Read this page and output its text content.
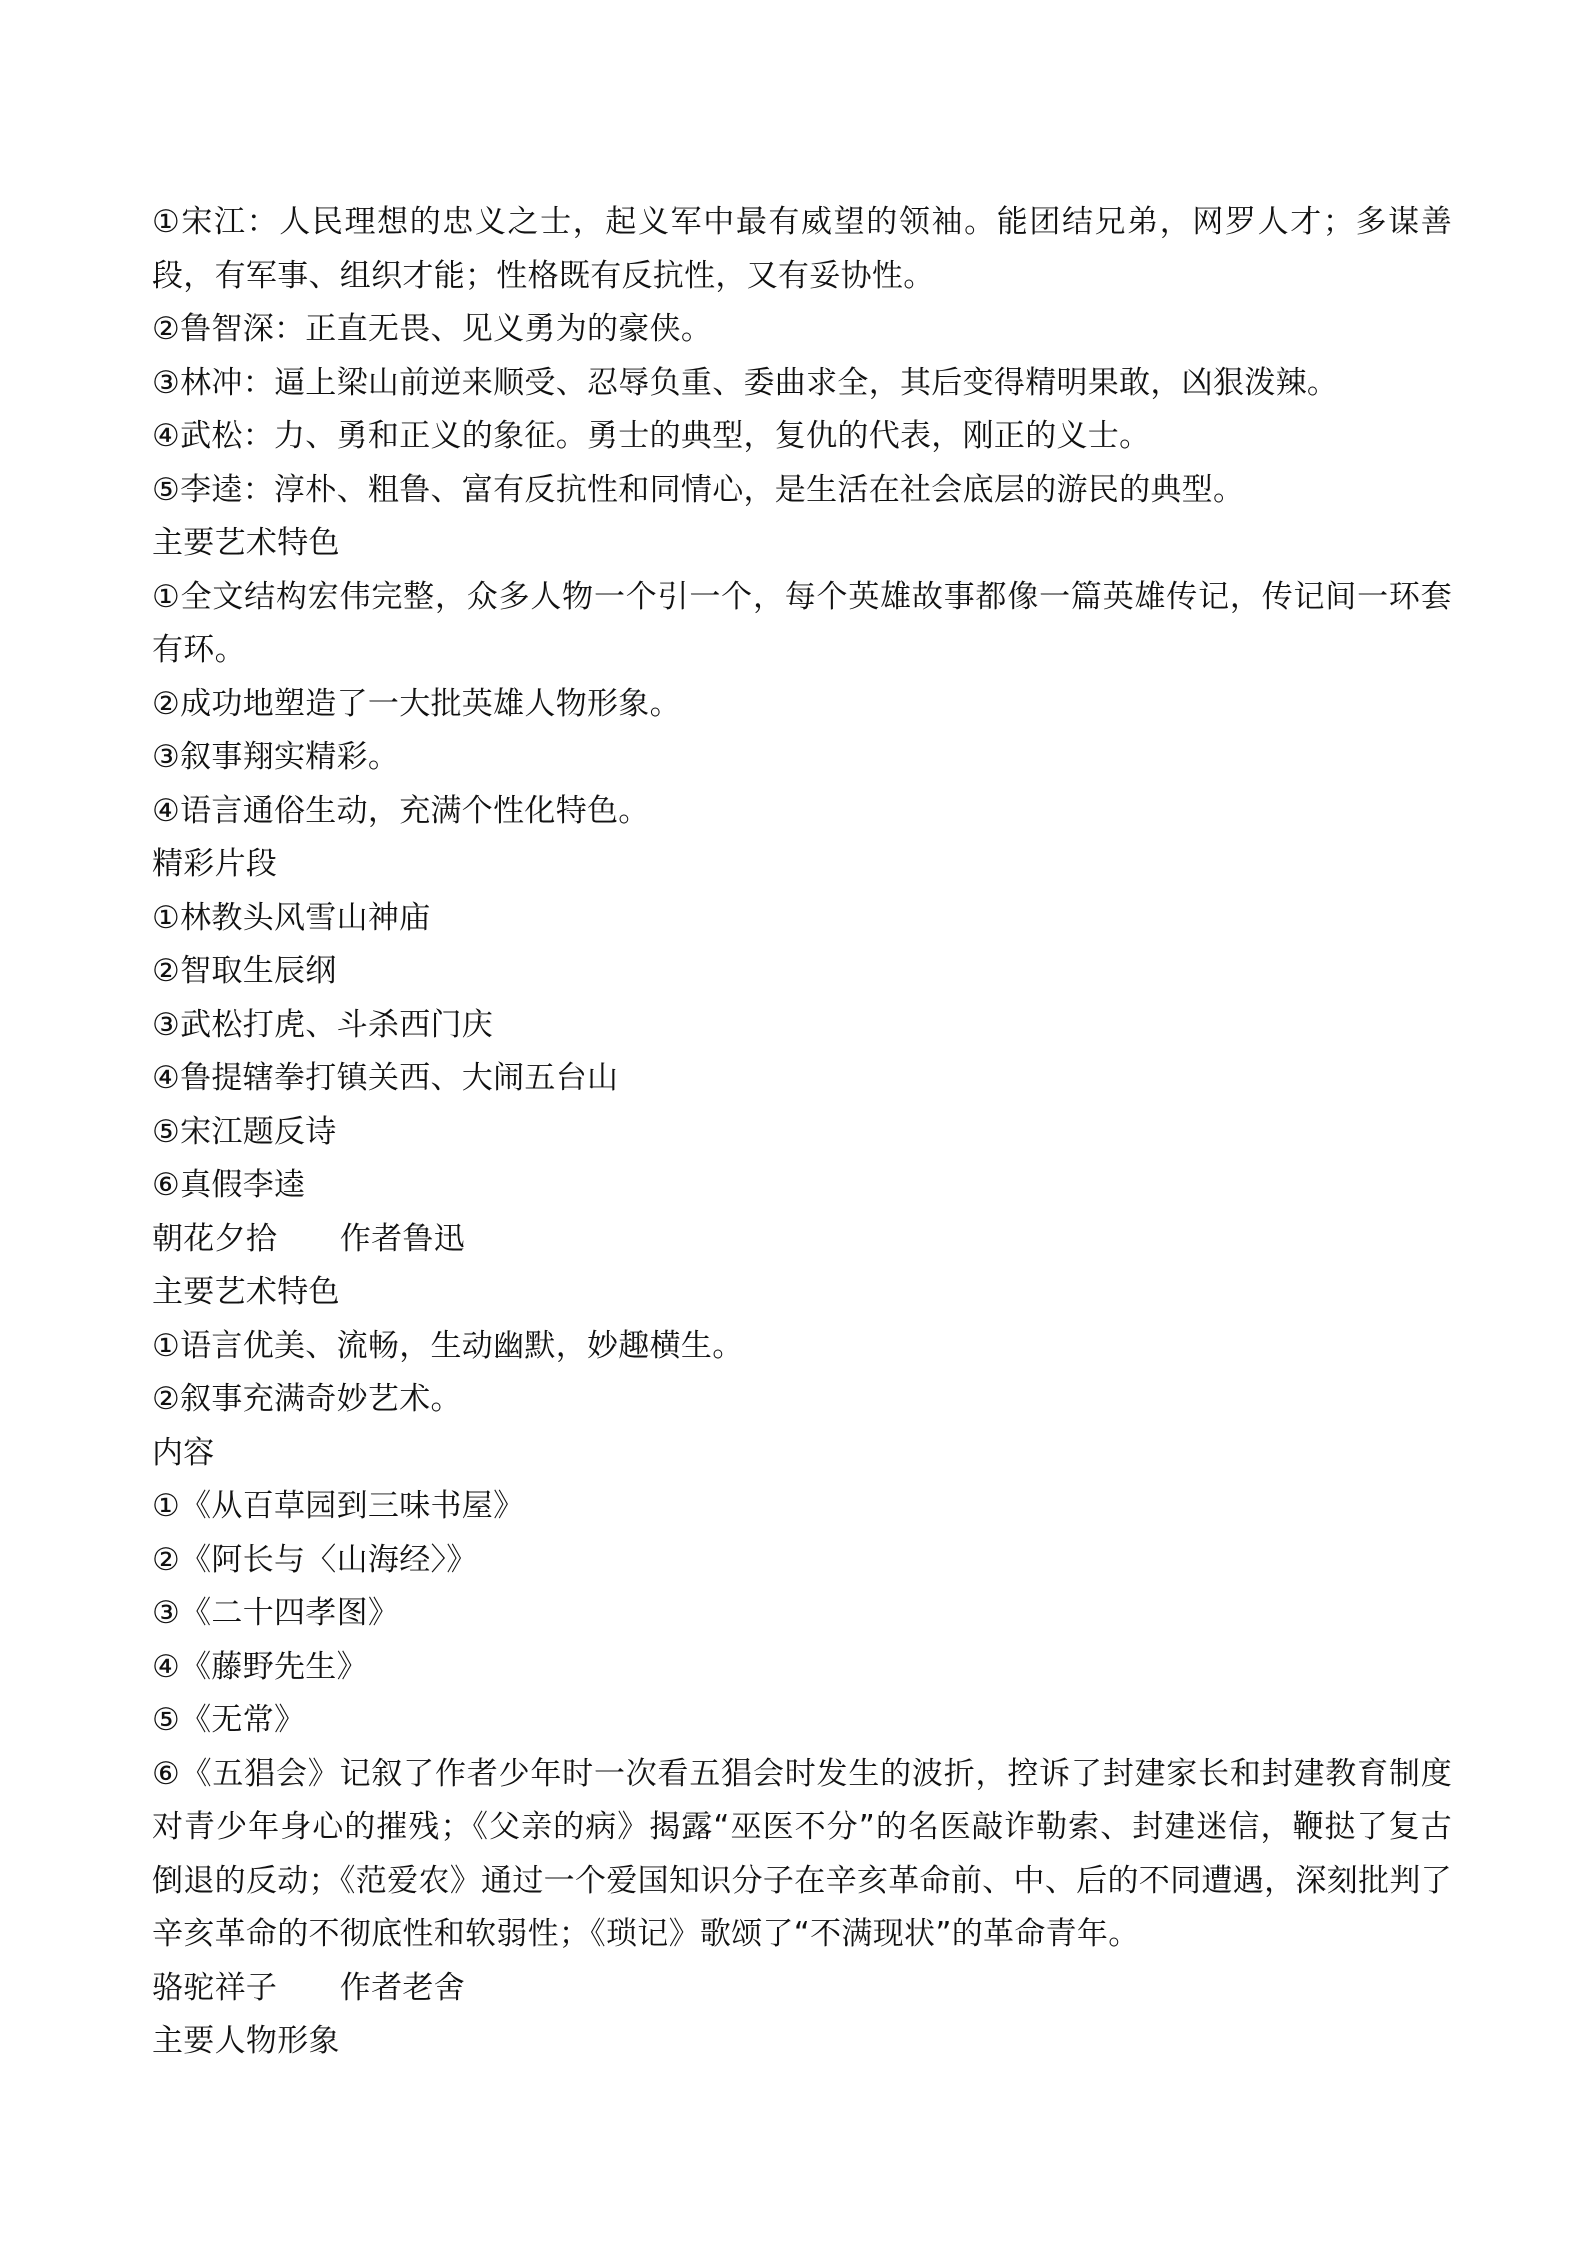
①宋江：人民理想的忠义之士，起义军中最有威望的领袖。能团结兄弟，网罗人才；多谋善段，有军事、组织才能；性格既有反抗性，又有妥协性。

②鲁智深：正直无畏、见义勇为的豪侠。

③林冲：逼上梁山前逆来顺受、忍辱负重、委曲求全，其后变得精明果敢，凶狠泼辣。

④武松：力、勇和正义的象征。勇士的典型，复仇的代表，刚正的义士。

⑤李逵：淳朴、粗鲁、富有反抗性和同情心，是生活在社会底层的游民的典型。

主要艺术特色

①全文结构宏伟完整，众多人物一个引一个，每个英雄故事都像一篇英雄传记，传记间一环套有环。

②成功地塑造了一大批英雄人物形象。

③叙事翔实精彩。

④语言通俗生动，充满个性化特色。

精彩片段

①林教头风雪山神庙

②智取生辰纲

③武松打虎、斗杀西门庆

④鲁提辖拳打镇关西、大闹五台山

⑤宋江题反诗

⑥真假李逵

朝花夕拾　　作者鲁迅

主要艺术特色

①语言优美、流畅，生动幽默，妙趣横生。

②叙事充满奇妙艺术。

内容

①《从百草园到三味书屋》

②《阿长与〈山海经〉》

③《二十四孝图》

④《藤野先生》

⑤《无常》

⑥《五猖会》记叙了作者少年时一次看五猖会时发生的波折，控诉了封建家长和封建教育制度对青少年身心的摧残；《父亲的病》揭露“巫医不分”的名医敲诈勒索、封建迷信，鞭挞了复古倒退的反动；《范爱农》通过一个爱国知识分子在辛亥革命前、中、后的不同遭遇，深刻批判了辛亥革命的不彻底性和软弱性；《琐记》歌颂了“不满现状”的革命青年。

骆驼祥子　　作者老舍

主要人物形象
